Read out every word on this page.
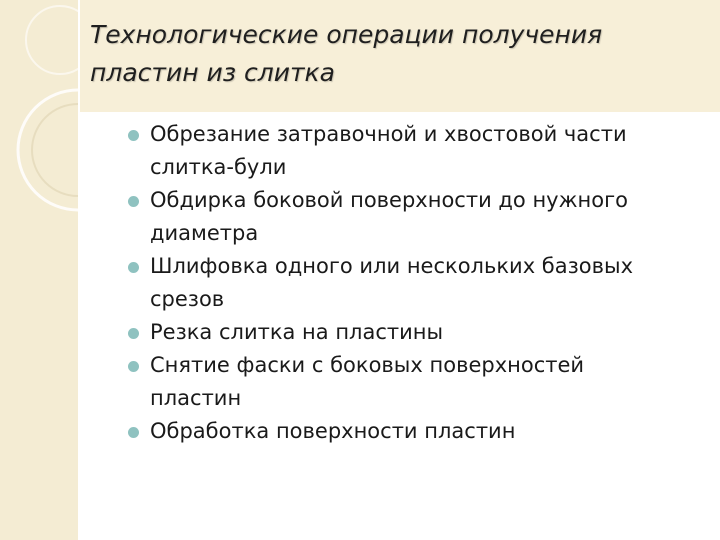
Технологические операции получения
пластин из слитка
Обрезание затравочной и хвостовой части
слитка-були
Обдирка боковой поверхности до нужного
диаметра
Шлифовка одного или нескольких базовых
срезов
Резка слитка на пластины
Снятие фаски с боковых поверхностей
пластин
Обработка поверхности пластин
